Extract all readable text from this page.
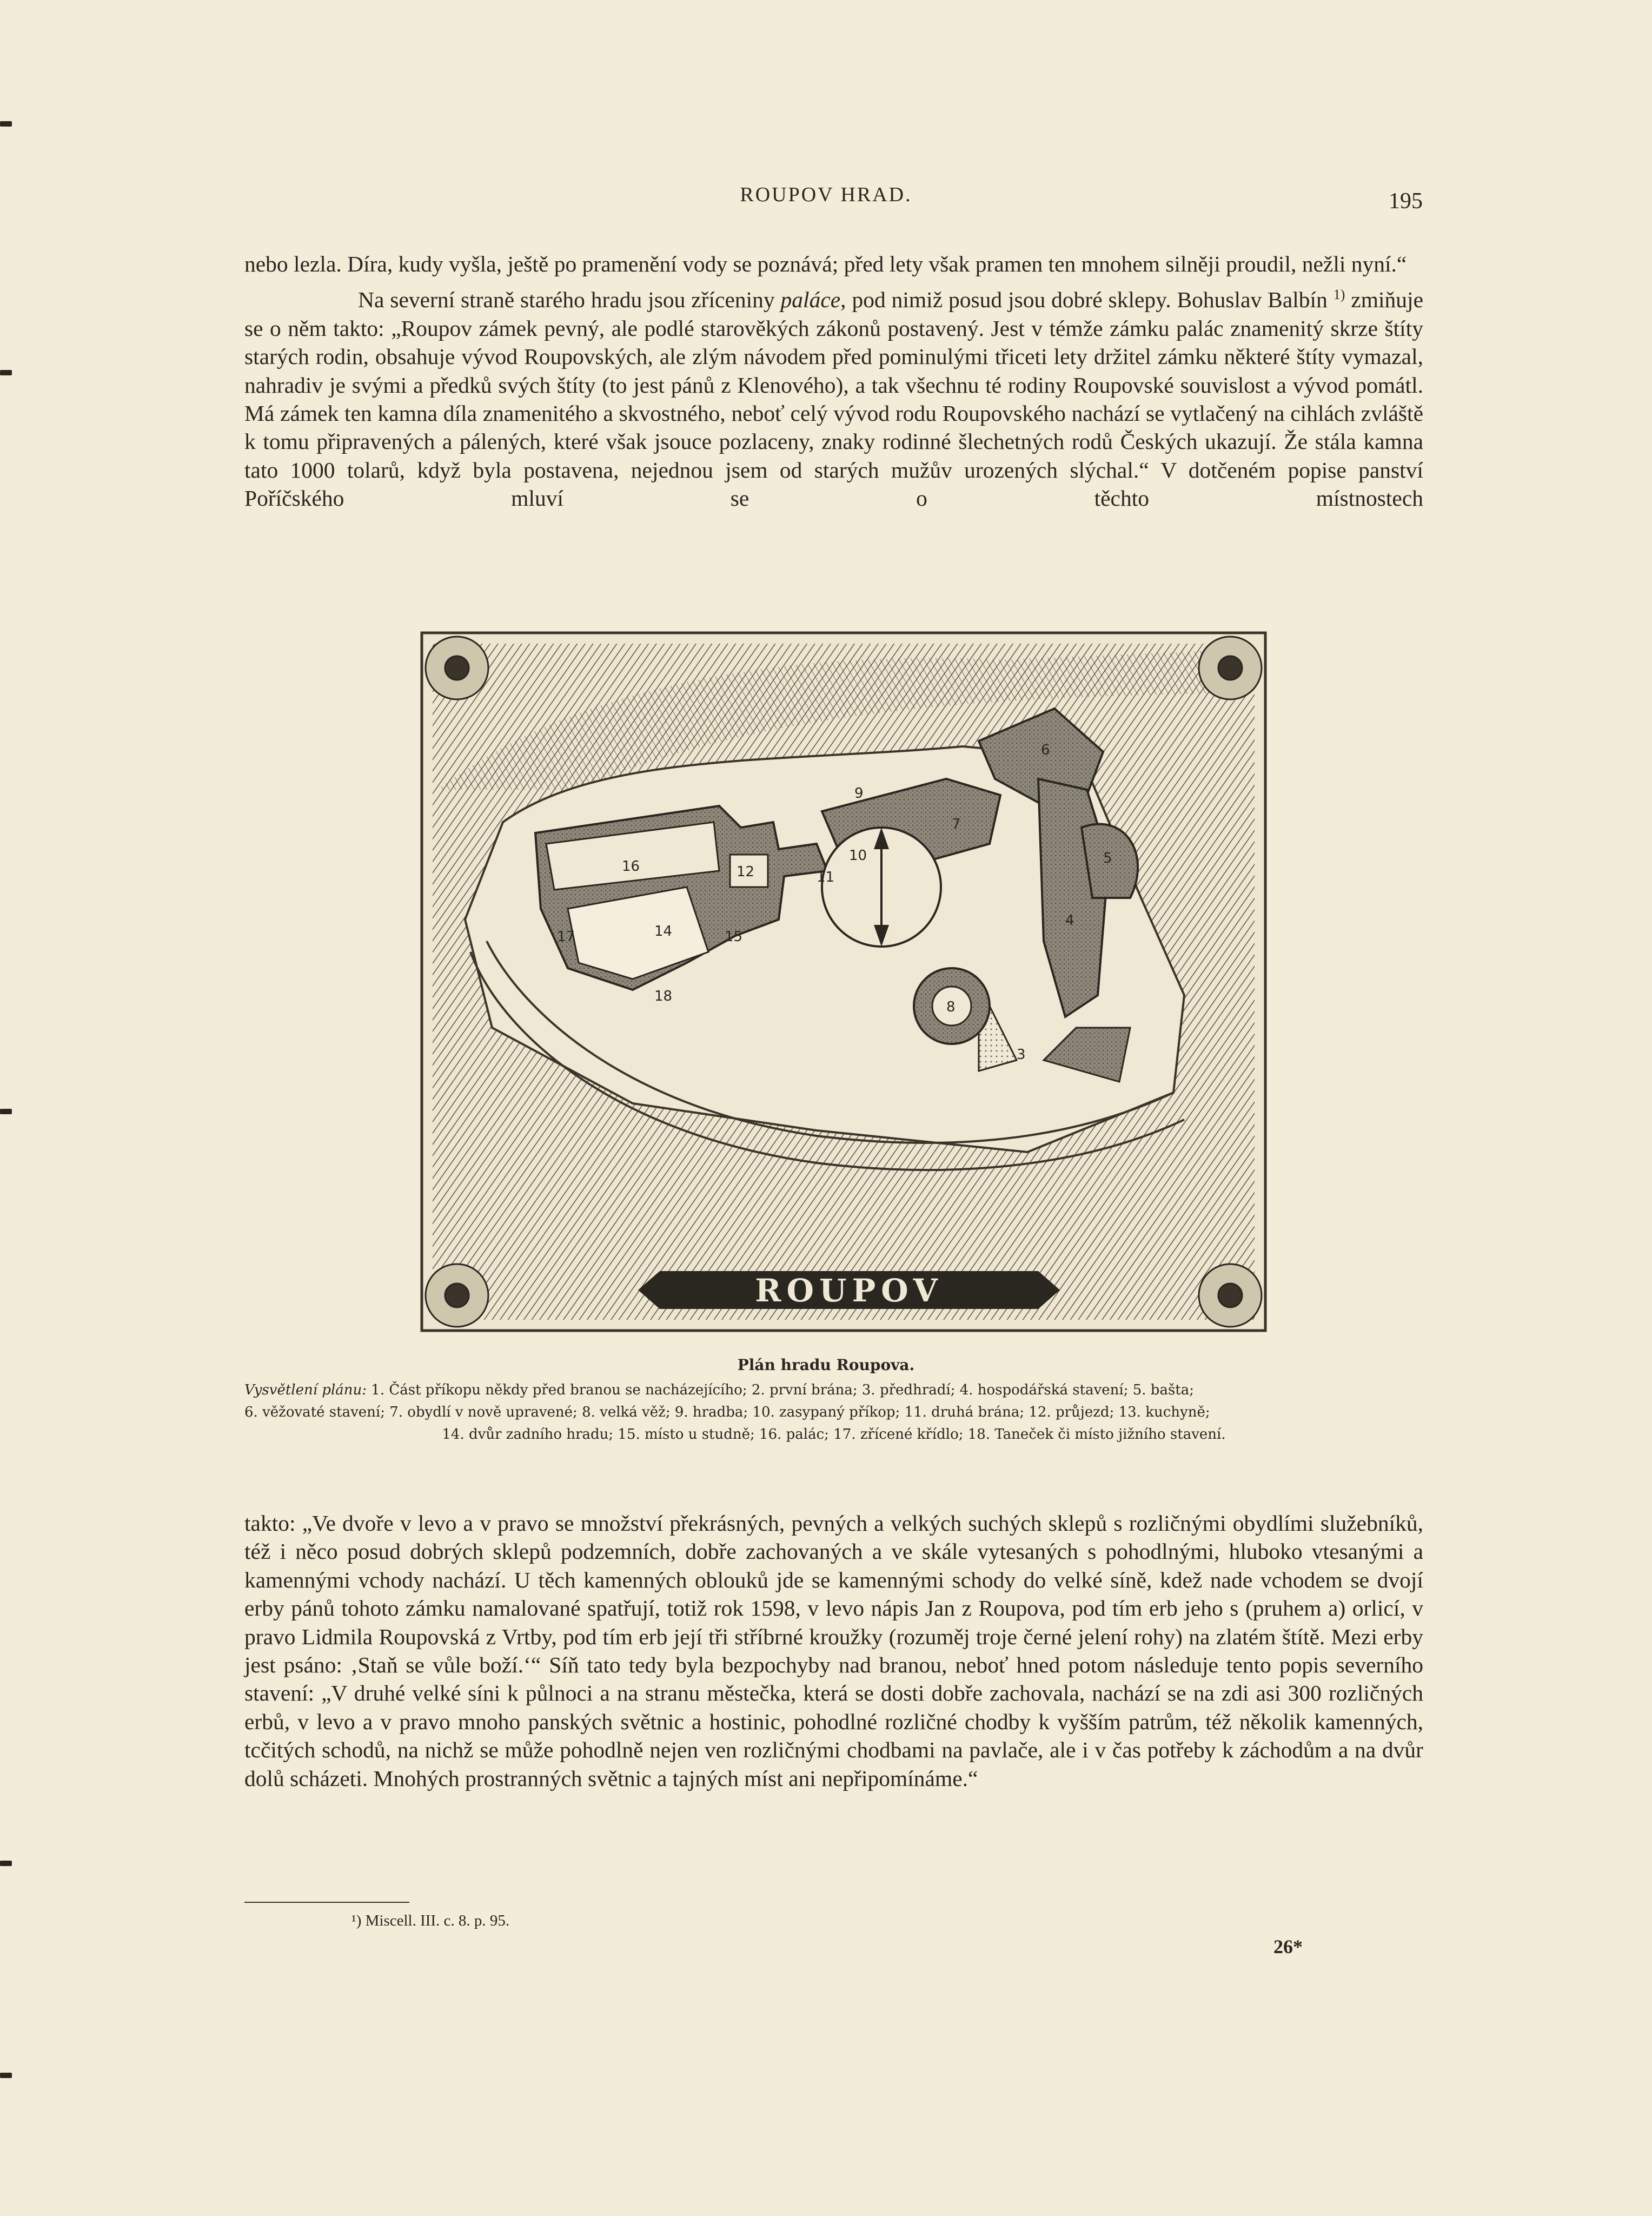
ROUPOV HRAD.	195

nebo lezla. Díra, kudy vyšla, ještě po pramenění vody se poznává; před lety však pramen ten mnohem silněji proudil, nežli nyní.“

Na severní straně starého hradu jsou zříceniny paláce, pod nimiž posud jsou dobré sklepy. Bohuslav Balbín $^{1)}$ zmiňuje se o něm takto: „Roupov zámek pevný, ale podlé starověkých zákonů postavený. Jest v témže zámku palác znamenitý skrze štíty starých rodin, obsahuje vývod Roupovských, ale zlým návodem před pominulými třiceti lety držitel zámku některé štíty vymazal, nahradiv je svými a předků svých štíty (to jest pánů z Klenového), a tak všechnu té rodiny Roupovské souvislost a vývod pomátl. Má zámek ten kamna díla znamenitého a skvostného, neboť celý vývod rodu Roupovského nachází se vytlačený na cihlách zvláště k tomu připravených a pálených, které však jsouce pozlaceny, znaky rodinné šlechetných rodů Českých ukazují. Že stála kamna tato 1000 tolarů, když byla postavena, nejednou jsem od starých mužův urozených slýchal.“ V dotčeném popise panství Poříčského mluví se o těchto místnostech

3
4
5
6
7
8
9
10
11
12
14	15
16
17
18
ROUPOV
Plán hradu Roupova.
Vysvětlení plánu: 1. Část příkopu někdy před branou se nacházejícího; 2. první brána; 3. předhradí; 4. hospodářská stavení; 5. bašta;
6. věžovaté stavení; 7. obydlí v nově upravené; 8. velká věž; 9. hradba; 10. zasypaný příkop; 11. druhá brána; 12. průjezd; 13. kuchyně;
14. dvůr zadního hradu; 15. místo u studně; 16. palác; 17. zřícené křídlo; 18. Taneček či místo jižního stavení.

takto: „Ve dvoře v levo a v pravo se množství překrásných, pevných a velkých suchých sklepů s rozličnými obydlími služebníků, též i něco posud dobrých sklepů podzemních, dobře zachovaných a ve skále vytesaných s pohodlnými, hluboko vtesanými a kamennými vchody nachází. U těch kamenných oblouků jde se kamennými schody do velké síně, kdež nade vchodem se dvojí erby pánů tohoto zámku namalované spatřují, totiž rok 1598, v levo nápis Jan z Roupova, pod tím erb jeho s (pruhem a) orlicí, v pravo Lidmila Roupovská z Vrtby, pod tím erb její tři stříbrné kroužky (rozuměj troje černé jelení rohy) na zlatém štítě. Mezi erby jest psáno: ‚Staň se vůle boží.‘“ Síň tato tedy byla bezpochyby nad branou, neboť hned potom následuje tento popis severního stavení: „V druhé velké síni k půlnoci a na stranu městečka, která se dosti dobře zachovala, nachází se na zdi asi 300 rozličných erbů, v levo a v pravo mnoho panských světnic a hostinic, pohodlné rozličné chodby k vyšším patrům, též několik kamenných, tcčitých schodů, na nichž se může pohodlně nejen ven rozličnými chodbami na pavlače, ale i v čas potřeby k záchodům a na dvůr dolů scházeti. Mnohých prostranných světnic a tajných míst ani nepřipomínáme.“

¹) Miscell. III. c. 8. p. 95.
26*
